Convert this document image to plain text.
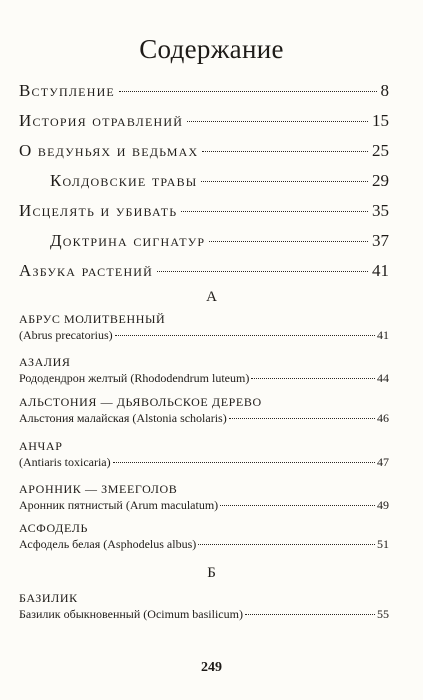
Содержание
Вступление	8
История отравлений	15
О ведуньях и ведьмах	25
Колдовские травы	29
Исцелять и убивать	35
Доктрина сигнатур	37
Азбука растений	41
А
АБРУС МОЛИТВЕННЫЙ
(Abrus precatorius)	41
АЗАЛИЯ
Рододендрон желтый (Rhododendrum luteum)	44
АЛЬСТОНИЯ — ДЬЯВОЛЬСКОЕ ДЕРЕВО
Альстония малайская (Alstonia scholaris)	46
АНЧАР
(Antiaris toxicaria)	47
АРОННИК — ЗМЕЕГОЛОВ
Аронник пятнистый (Arum maculatum)	49
АСФОДЕЛЬ
Асфодель белая (Asphodelus albus)	51
Б
БАЗИЛИК
Базилик обыкновенный (Ocimum basilicum)	55
249
